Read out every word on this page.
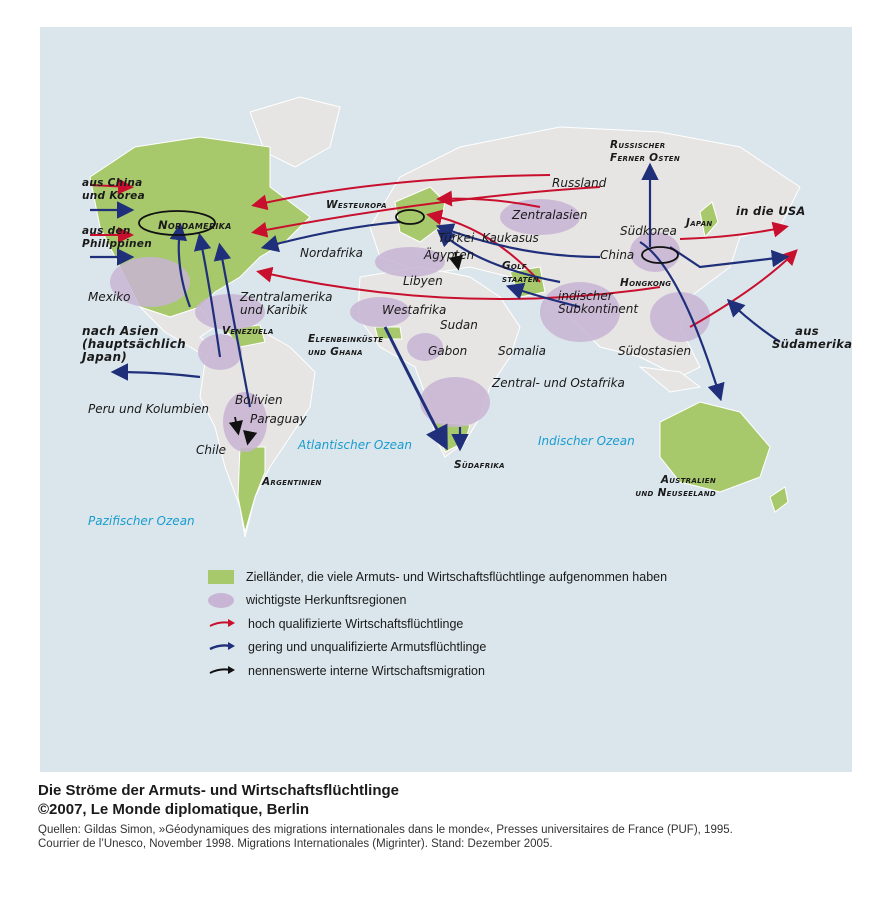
aus China
und Korea
aus den
Philippinen
Nordamerika
Mexiko
nach Asien
(hauptsächlich
Japan)
Peru und Kolumbien
Venezuela
Zentralamerika
und Karibik
Bolivien
Paraguay
Chile
Argentinien
Pazifischer Ozean
Atlantischer Ozean	Indischer Ozean
Westeuropa
Nordafrika
Russland
Zentralasien
Türkei Kaukasus
Ägypten
Libyen
Golf
staaten
Westafrika
Sudan
indischer
Subkontinent
Elfenbeinküste
und Ghana	Gabon	Somalia
Zentral- und Ostafrika
Südafrika
Russischer
Ferner Osten
Südkorea
Japan
in die USA
China
Hongkong
Südostasien
aus
Südamerika
Australien
und Neuseeland
Zielländer, die viele Armuts- und Wirtschaftsflüchtlinge aufgenommen haben
wichtigste Herkunftsregionen
hoch qualifizierte Wirtschaftsflüchtlinge
gering und unqualifizierte Armutsflüchtlinge
nennenswerte interne Wirtschaftsmigration
Die Ströme der Armuts- und Wirtschaftsflüchtlinge
©2007, Le Monde diplomatique, Berlin
Quellen: Gildas Simon, »Géodynamiques des migrations internationales dans le monde«, Presses universitaires de France (PUF), 1995.
Courrier de l’Unesco, November 1998. Migrations Internationales (Migrinter). Stand: Dezember 2005.
